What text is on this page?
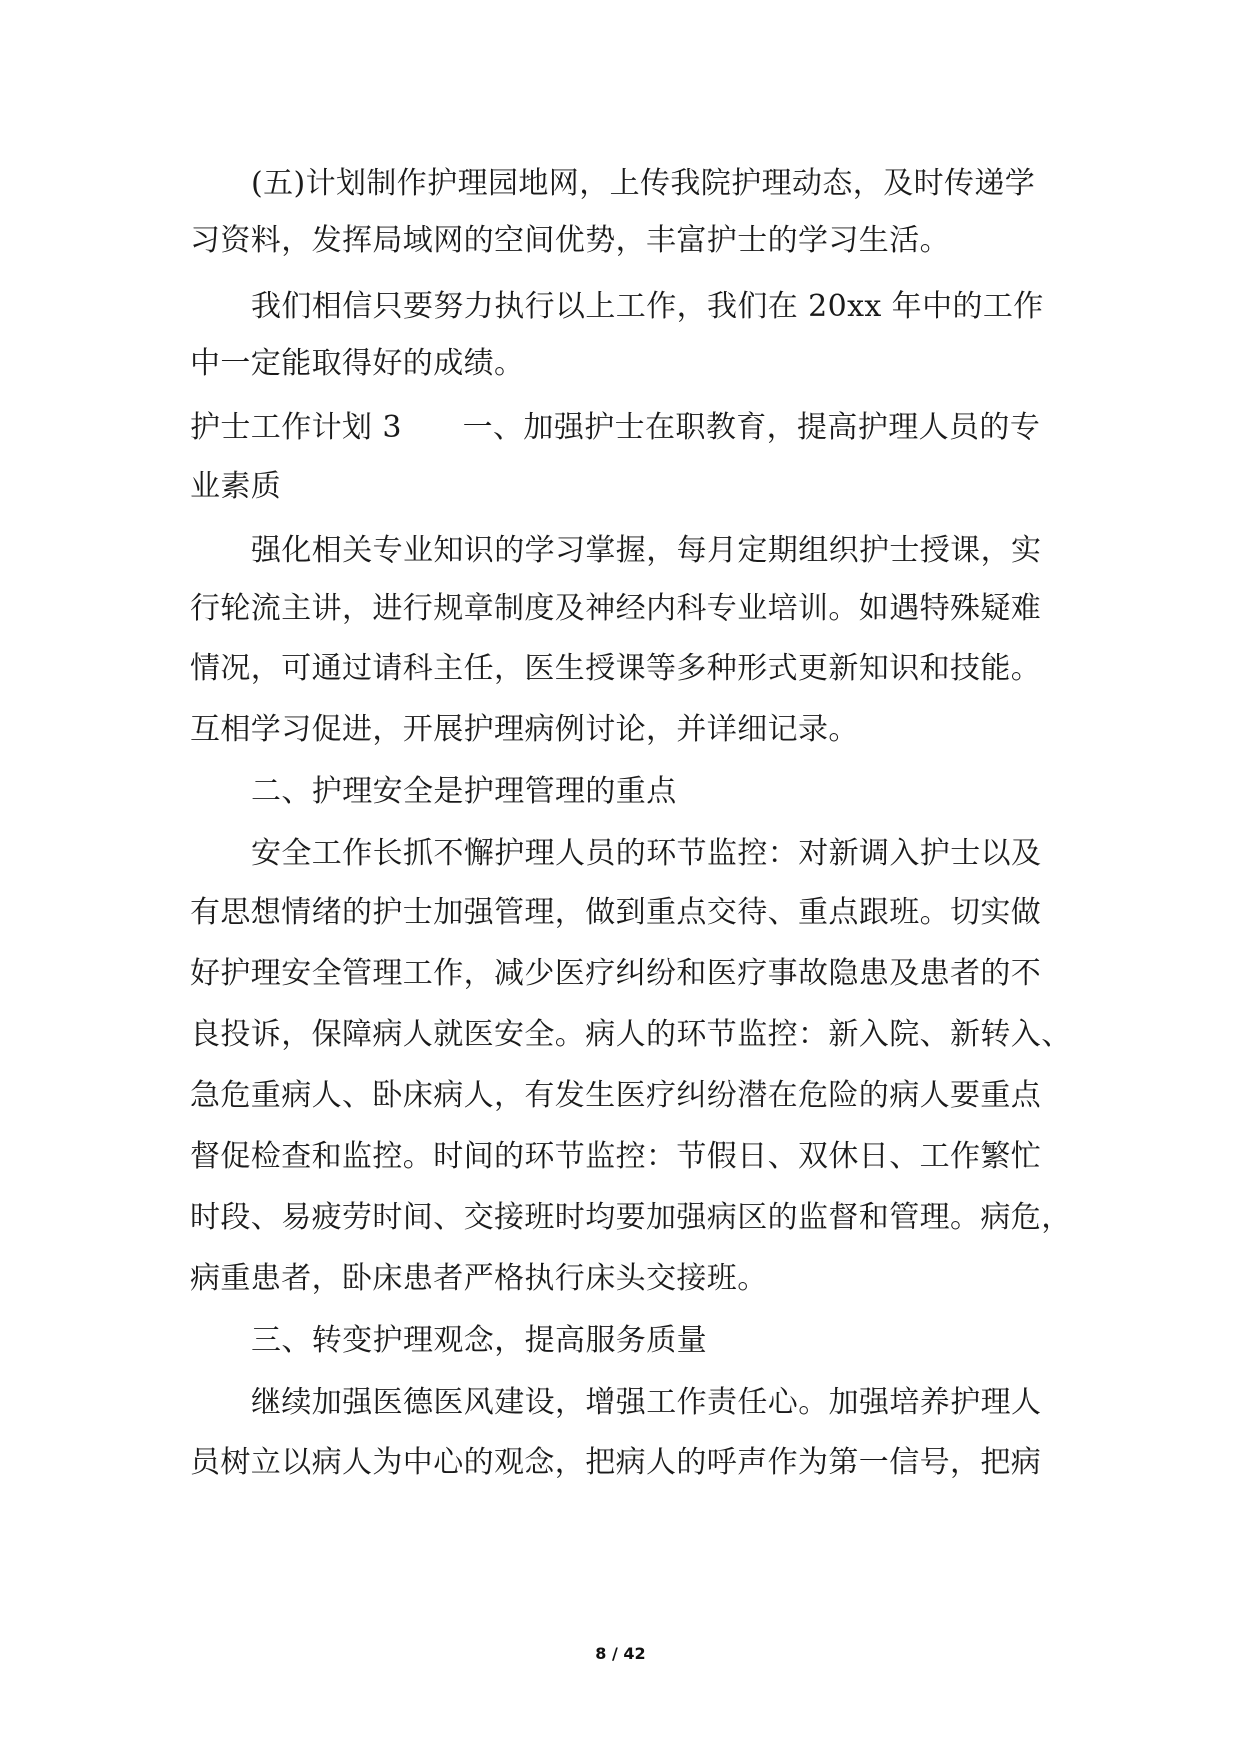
(五)计划制作护理园地网，上传我院护理动态，及时传递学
习资料，发挥局域网的空间优势，丰富护士的学习生活。
我们相信只要努力执行以上工作，我们在 20xx 年中的工作
中一定能取得好的成绩。
护士工作计划 3　　一、加强护士在职教育，提高护理人员的专
业素质
强化相关专业知识的学习掌握，每月定期组织护士授课，实
行轮流主讲，进行规章制度及神经内科专业培训。如遇特殊疑难
情况，可通过请科主任，医生授课等多种形式更新知识和技能。
互相学习促进，开展护理病例讨论，并详细记录。
二、护理安全是护理管理的重点
安全工作长抓不懈护理人员的环节监控：对新调入护士以及
有思想情绪的护士加强管理，做到重点交待、重点跟班。切实做
好护理安全管理工作，减少医疗纠纷和医疗事故隐患及患者的不
良投诉，保障病人就医安全。病人的环节监控：新入院、新转入、
急危重病人、卧床病人，有发生医疗纠纷潜在危险的病人要重点
督促检查和监控。时间的环节监控：节假日、双休日、工作繁忙
时段、易疲劳时间、交接班时均要加强病区的监督和管理。病危，
病重患者，卧床患者严格执行床头交接班。
三、转变护理观念，提高服务质量
继续加强医德医风建设，增强工作责任心。加强培养护理人
员树立以病人为中心的观念，把病人的呼声作为第一信号，把病
8 / 42
